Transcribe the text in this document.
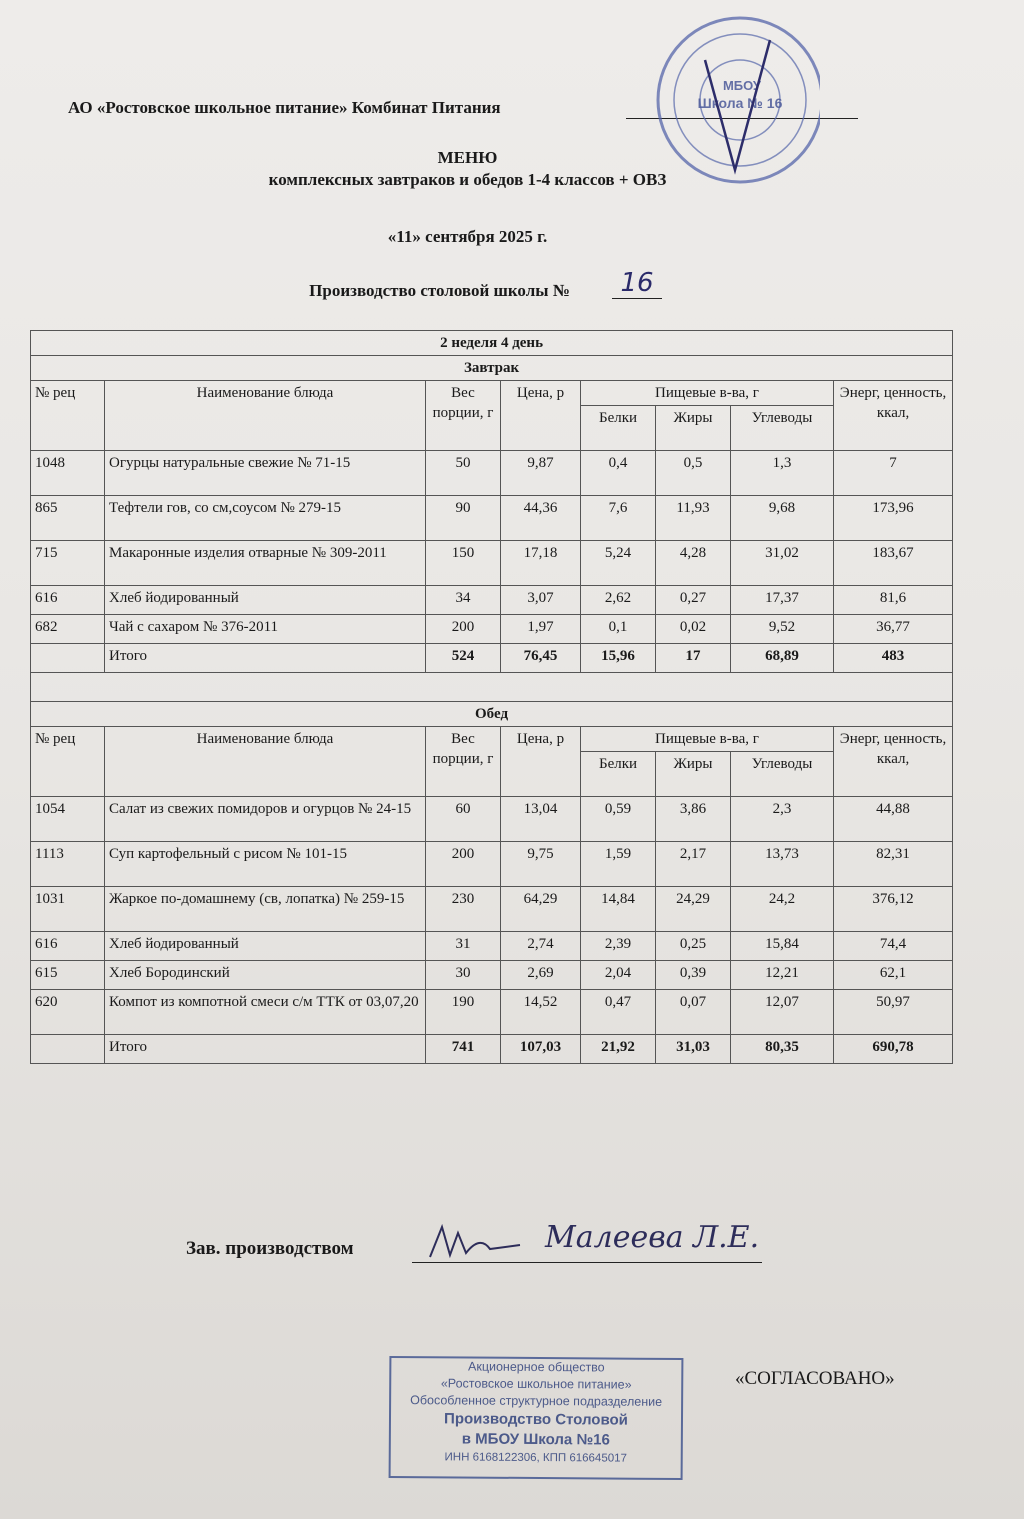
АО «Ростовское школьное питание» Комбинат Питания
МЕНЮ
комплексных завтраков и обедов 1-4 классов + ОВЗ
«11» сентября 2025 г.
Производство столовой школы №	16
Школа № 16
МБОУ
2 неделя 4 день							
Завтрак							
№ рец	Наименование блюда	Вес порции, г	Цена, р	Пищевые в-ва, г			Энерг, ценность, ккал,
				Белки	Жиры	Углеводы	
1048	Огурцы натуральные свежие № 71-15	50	9,87	0,4	0,5	1,3	7
865	Тефтели гов, со см,соусом № 279-15	90	44,36	7,6	11,93	9,68	173,96
715	Макаронные изделия отварные № 309-2011	150	17,18	5,24	4,28	31,02	183,67
616	Хлеб йодированный	34	3,07	2,62	0,27	17,37	81,6
682	Чай с сахаром № 376-2011	200	1,97	0,1	0,02	9,52	36,77
	Итого	524	76,45	15,96	17	68,89	483

Обед							
№ рец	Наименование блюда	Вес порции, г	Цена, р	Пищевые в-ва, г			Энерг, ценность, ккал,
				Белки	Жиры	Углеводы	
1054	Салат из свежих помидоров и огурцов № 24-15	60	13,04	0,59	3,86	2,3	44,88
1113	Суп картофельный с рисом № 101-15	200	9,75	1,59	2,17	13,73	82,31
1031	Жаркое по-домашнему (св, лопатка) № 259-15	230	64,29	14,84	24,29	24,2	376,12
616	Хлеб йодированный	31	2,74	2,39	0,25	15,84	74,4
615	Хлеб Бородинский	30	2,69	2,04	0,39	12,21	62,1
620	Компот из компотной смеси с/м ТТК от 03,07,20	190	14,52	0,47	0,07	12,07	50,97
	Итого	741	107,03	21,92	31,03	80,35	690,78
Зав. производством	Малеева Л.Е.
Акционерное общество
«Ростовское школьное питание»
Обособленное структурное подразделение
Производство Столовой
в МБОУ Школа №16
ИНН 6168122306, КПП 616645017
«СОГЛАСОВАНО»
